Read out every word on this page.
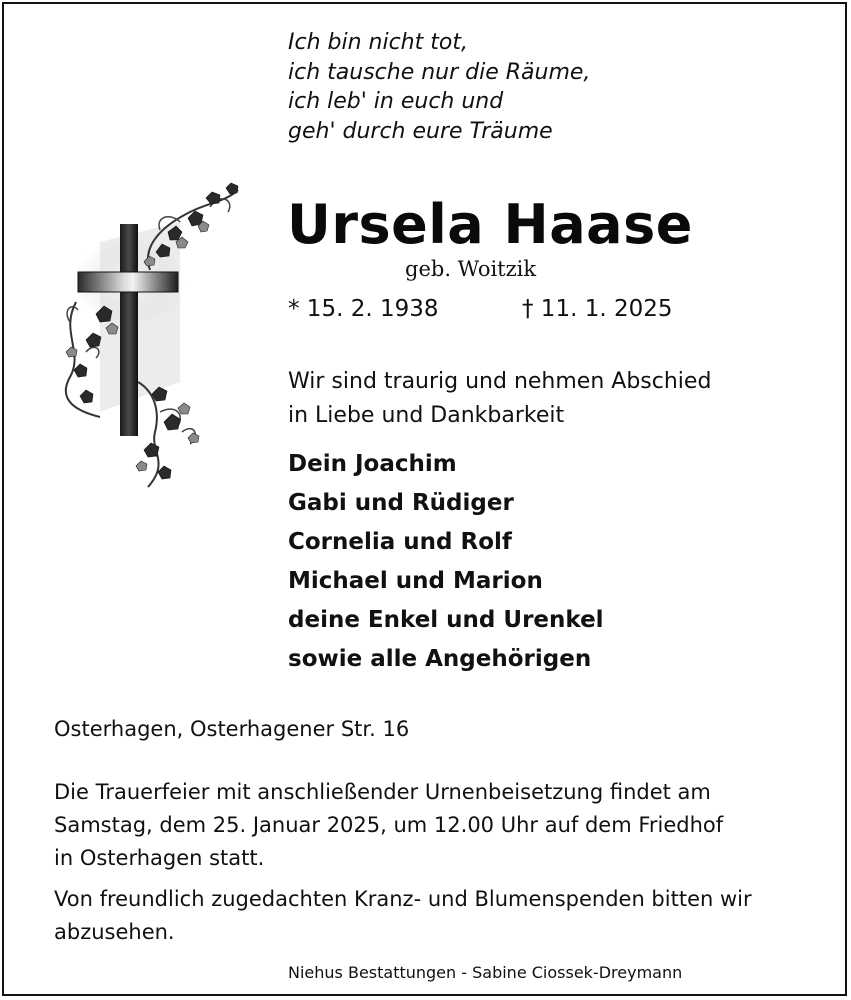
Ich bin nicht tot,
ich tausche nur die Räume,
ich leb' in euch und
geh' durch eure Träume
Ursela Haase
geb. Woitzik
* 15. 2. 1938	† 11. 1. 2025
Wir sind traurig und nehmen Abschied
in Liebe und Dankbarkeit
Dein Joachim
Gabi und Rüdiger
Cornelia und Rolf
Michael und Marion
deine Enkel und Urenkel
sowie alle Angehörigen
Osterhagen, Osterhagener Str. 16
Die Trauerfeier mit anschließender Urnenbeisetzung findet am
Samstag, dem 25. Januar 2025, um 12.00 Uhr auf dem Friedhof
in Osterhagen statt.
Von freundlich zugedachten Kranz- und Blumenspenden bitten wir
abzusehen.
Niehus Bestattungen - Sabine Ciossek-Dreymann
